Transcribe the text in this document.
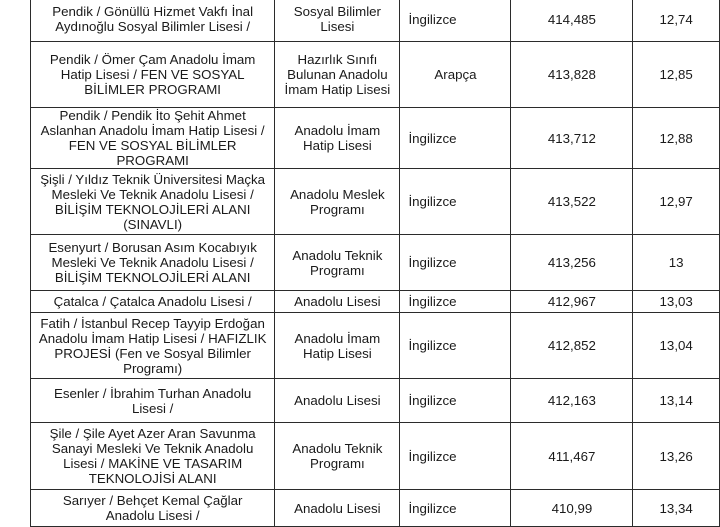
Pendik / Gönüllü Hizmet Vakfı İnal Aydınoğlu Sosyal Bilimler Lisesi /	Sosyal Bilimler Lisesi	İngilizce	414,485	12,74
Pendik / Ömer Çam Anadolu İmam Hatip Lisesi / FEN VE SOSYAL BİLİMLER PROGRAMI	Hazırlık Sınıfı Bulunan Anadolu İmam Hatip Lisesi	Arapça	413,828	12,85
Pendik / Pendik İto Şehit Ahmet Aslanhan Anadolu İmam Hatip Lisesi / FEN VE SOSYAL BİLİMLER PROGRAMI	Anadolu İmam Hatip Lisesi	İngilizce	413,712	12,88
Şişli / Yıldız Teknik Üniversitesi Maçka Mesleki Ve Teknik Anadolu Lisesi / BİLİŞİM TEKNOLOJİLERİ ALANI (SINAVLI)	Anadolu Meslek Programı	İngilizce	413,522	12,97
Esenyurt / Borusan Asım Kocabıyık Mesleki Ve Teknik Anadolu Lisesi / BİLİŞİM TEKNOLOJİLERİ ALANI	Anadolu Teknik Programı	İngilizce	413,256	13
Çatalca / Çatalca Anadolu Lisesi /	Anadolu Lisesi	İngilizce	412,967	13,03
Fatih / İstanbul Recep Tayyip Erdoğan Anadolu İmam Hatip Lisesi / HAFIZLIK PROJESİ (Fen ve Sosyal Bilimler Programı)	Anadolu İmam Hatip Lisesi	İngilizce	412,852	13,04
Esenler / İbrahim Turhan Anadolu Lisesi /	Anadolu Lisesi	İngilizce	412,163	13,14
Şile / Şile Ayet Azer Aran Savunma Sanayi Mesleki Ve Teknik Anadolu Lisesi / MAKİNE VE TASARIM TEKNOLOJİSİ ALANI	Anadolu Teknik Programı	İngilizce	411,467	13,26
Sarıyer / Behçet Kemal Çağlar Anadolu Lisesi /	Anadolu Lisesi	İngilizce	410,99	13,34
